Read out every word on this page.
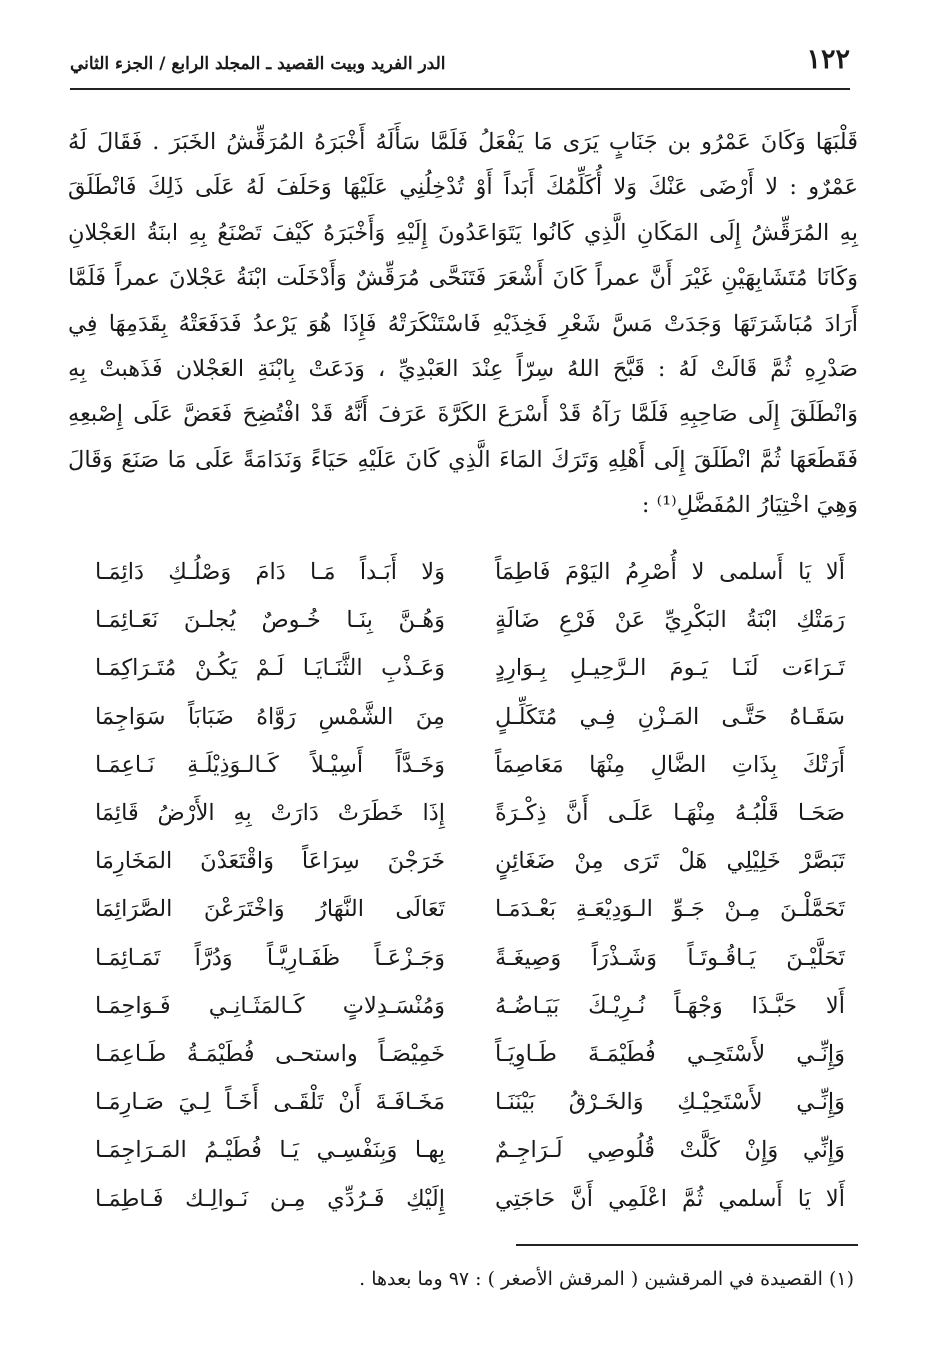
١٢٢
الدر الفريد وبيت القصيد ـ المجلد الرابع / الجزء الثاني
قَلْبَهَا وَكَانَ عَمْرُو بن جَنَابٍ يَرَى مَا يَفْعَلُ فَلَمَّا سَأَلَهُ أَخْبَرَهُ المُرَقِّشُ الخَبَرَ . فَقَالَ لَهُ
عَمْرٌو : لا أَرْضَى عَنْكَ وَلا أُكَلِّمُكَ أَبَداً أَوْ تُدْخِلُنِي عَلَيْهَا وَحَلَفَ لَهُ عَلَى ذَلِكَ فَانْطَلَقَ
بِهِ المُرَقِّشُ إِلَى المَكَانِ الَّذِي كَانُوا يَتَوَاعَدُونَ إِلَيْهِ وَأَخْبَرَهُ كَيْفَ تَصْنَعُ بِهِ ابنَةُ العَجْلانِ
وَكَانَا مُتَشَابِهَيْنِ غَيْرَ أَنَّ عمراً كَانَ أَشْعَرَ فَتَنَحَّى مُرَقِّشٌ وَأَدْخَلَت ابْنَةُ عَجْلانَ عمراً فَلَمَّا
أَرَادَ مُبَاشَرَتَهَا وَجَدَتْ مَسَّ شَعْرِ فَخِذَيْهِ فَاسْتَنْكَرَتْهُ فَإِذَا هُوَ يَرْعدُ فَدَفَعَتْهُ بِقَدَمِهَا فِي
صَدْرِهِ ثُمَّ قَالَتْ لَهُ : قَبَّحَ اللهُ سِرّاً عِنْدَ العَبْدِيِّ ، وَدَعَتْ بِابْنَةِ العَجْلان فَذَهبتْ بِهِ
وَانْطَلَقَ إِلَى صَاحِبِهِ فَلَمَّا رَآهُ قَدْ أَسْرَعَ الكَرَّةَ عَرَفَ أَنَّهُ قَدْ افْتُضِحَ فَعَضَّ عَلَى إِصْبعِهِ
فَقَطَعَهَا ثُمَّ انْطَلَقَ إِلَى أَهْلِهِ وَتَرَكَ المَاءَ الَّذِي كَانَ عَلَيْهِ حَيَاءً وَنَدَامَةً عَلَى مَا صَنَعَ وَقَالَ
وَهِيَ اخْتِيَارُ المُفَضَّلِ⁽¹⁾ :
أَلا يَا أَسلمى لا أُصْرِمُ اليَوْمَ فَاطِمَاً
وَلا أَبَـداً مَـا دَامَ وَصْلُـكِ دَائِمَـا
رَمَتْكِ ابْنَةُ البَكْرِيِّ عَنْ فَرْعِ ضَالَةٍ
وَهُـنَّ بِنَـا خُـوصٌ يُجلـنَ نَعَـائِمَـا
تَـرَاءَت لَنَـا يَـومَ الـرَّحِيـلِ بِـوَارِدٍ
وَعَـذْبِ الثَّنَـايَـا لَـمْ يَكُـنْ مُتَـرَاكِمَـا
سَقَـاهُ حَتَّـى المَـزْنِ فِـي مُتَكَلِّـلٍ
مِنَ الشَّمْسِ رَوَّاهُ ضَبَابَاً سَوَاجِمَا
أَرَتْكَ بِذَاتِ الضَّالِ مِنْهَا مَعَاصِمَاً
وَخَـدَّاً أَسِيْـلاً كَـالـوَذِيْلَـةِ نَـاعِمَـا
صَحَـا قَلْبُـهُ مِنْهَـا عَلَـى أَنَّ ذِكْـرَةً
إِذَا خَطَرَتْ دَارَتْ بِهِ الأَرْضُ قَائِمَا
تَبَصَّرْ خَلِيْلِي هَلْ تَرَى مِنْ ضَغَائِنٍ
خَرَجْنَ سِرَاعَاً وَاقْتَعَدْنَ المَخَارِمَا
تَحَمَّلْـنَ مِـنْ جَـوِّ الـوَدِيْعَـةِ بَعْـدَمَـا
تَعَالَى النَّهَارُ وَاخْتَرَعْنَ الصَّرَائِمَا
تَحَلَّيْـنَ يَـاقُـوتَـاً وَشَـذْرَاً وَصِيغَـةً
وَجَـزْعَـاً ظَفَـارِيَّـاً وَدُرَّاً تَمَـائِمَـا
أَلا حَبَّـذَا وَجْهَـاً نُـرِيْـكَ بَيَـاضُـهُ
وَمُنْسَـدِلاتٍ كَـالمَثَـانِـي فَـوَاحِمَـا
وَإِنِّـي لأَسْتَحِـي فُطَيْمَـةَ طَـاوِيَـاً
خَمِيْصَـاً واستحـى فُطَيْمَـةُ طَـاعِمَـا
وَإِنِّـي لأَسْتَحِيْـكِ وَالخَـرْقُ بَيْنَنَـا
مَخَـافَـةَ أَنْ تَلْقَـى أَخَـاً لِـيَ صَـارِمَـا
وَإِنِّي وَإِنْ كَلَّتْ قُلُوصِي لَـرَاجِـمٌ
بِهـا وَبِنَفْسِـي يَـا فُطَيْـمُ المَـرَاجِمَـا
أَلا يَا أَسلمي ثُمَّ اعْلَمِي أَنَّ حَاجَتِي
إِلَيْكِ فَـرُدِّي مِـن نَـوالِـك فَـاطِمَـا
(١) القصيدة في المرقشين ( المرقش الأصغر ) : ٩٧ وما بعدها .
